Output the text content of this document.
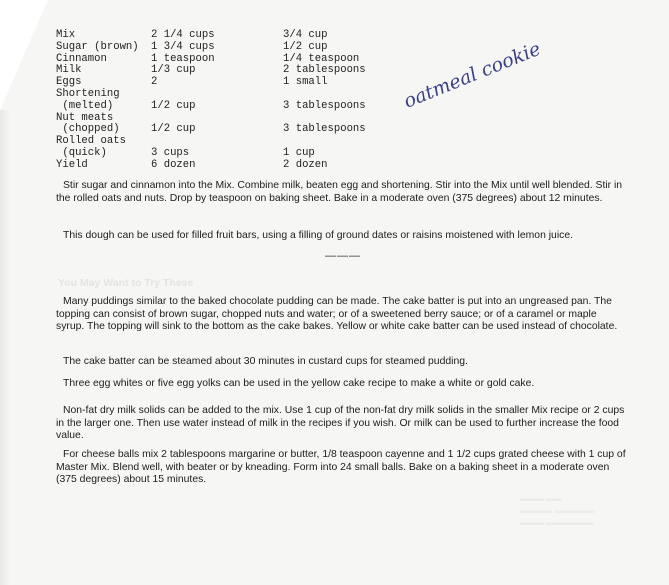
Mix	2 1/4 cups	3/4 cup
Sugar (brown) 1 3/4 cups	1/2 cup
Cinnamon	1 teaspoon	1/4 teaspoon
Milk	1/3 cup	2 tablespoons
Eggs	2	1 small
Shortening
(melted)	1/2 cup	3 tablespoons
Nut meats
(chopped)	1/2 cup	3 tablespoons
Rolled oats
(quick)	3 cups	1 cup
Yield	6 dozen	2 dozen
oatmeal cookie

Stir sugar and cinnamon into the Mix. Combine milk, beaten egg and shortening. Stir into the Mix until well blended. Stir in the rolled oats and nuts. Drop by teaspoon on baking sheet. Bake in a moderate oven (375 degrees) about 12 minutes.

This dough can be used for filled fruit bars, using a filling of ground dates or raisins moistened with lemon juice.

———
You May Want to Try These

Many puddings similar to the baked chocolate pudding can be made. The cake batter is put into an ungreased pan. The topping can consist of brown sugar, chopped nuts and water; or of a sweetened berry sauce; or of a caramel or maple syrup. The topping will sink to the bottom as the cake bakes. Yellow or white cake batter can be used instead of chocolate.

The cake batter can be steamed about 30 minutes in custard cups for steamed pudding.

Three egg whites or five egg yolks can be used in the yellow cake recipe to make a white or gold cake.

Non-fat dry milk solids can be added to the mix. Use 1 cup of the non-fat dry milk solids in the smaller Mix recipe or 2 cups in the larger one. Then use water instead of milk in the recipes if you wish. Or milk can be used to further increase the food value.

For cheese balls mix 2 tablespoons margarine or butter, 1/8 teaspoon cayenne and 1 1/2 cups grated cheese with 1 cup of Master Mix. Blend well, with beater or by kneading. Form into 24 small balls. Bake on a baking sheet in a moderate oven (375 degrees) about 15 minutes.

▬▬▬ ▬▬
▬▬▬▬ ▬▬▬▬▬
▬▬▬ ▬▬▬▬▬▬
